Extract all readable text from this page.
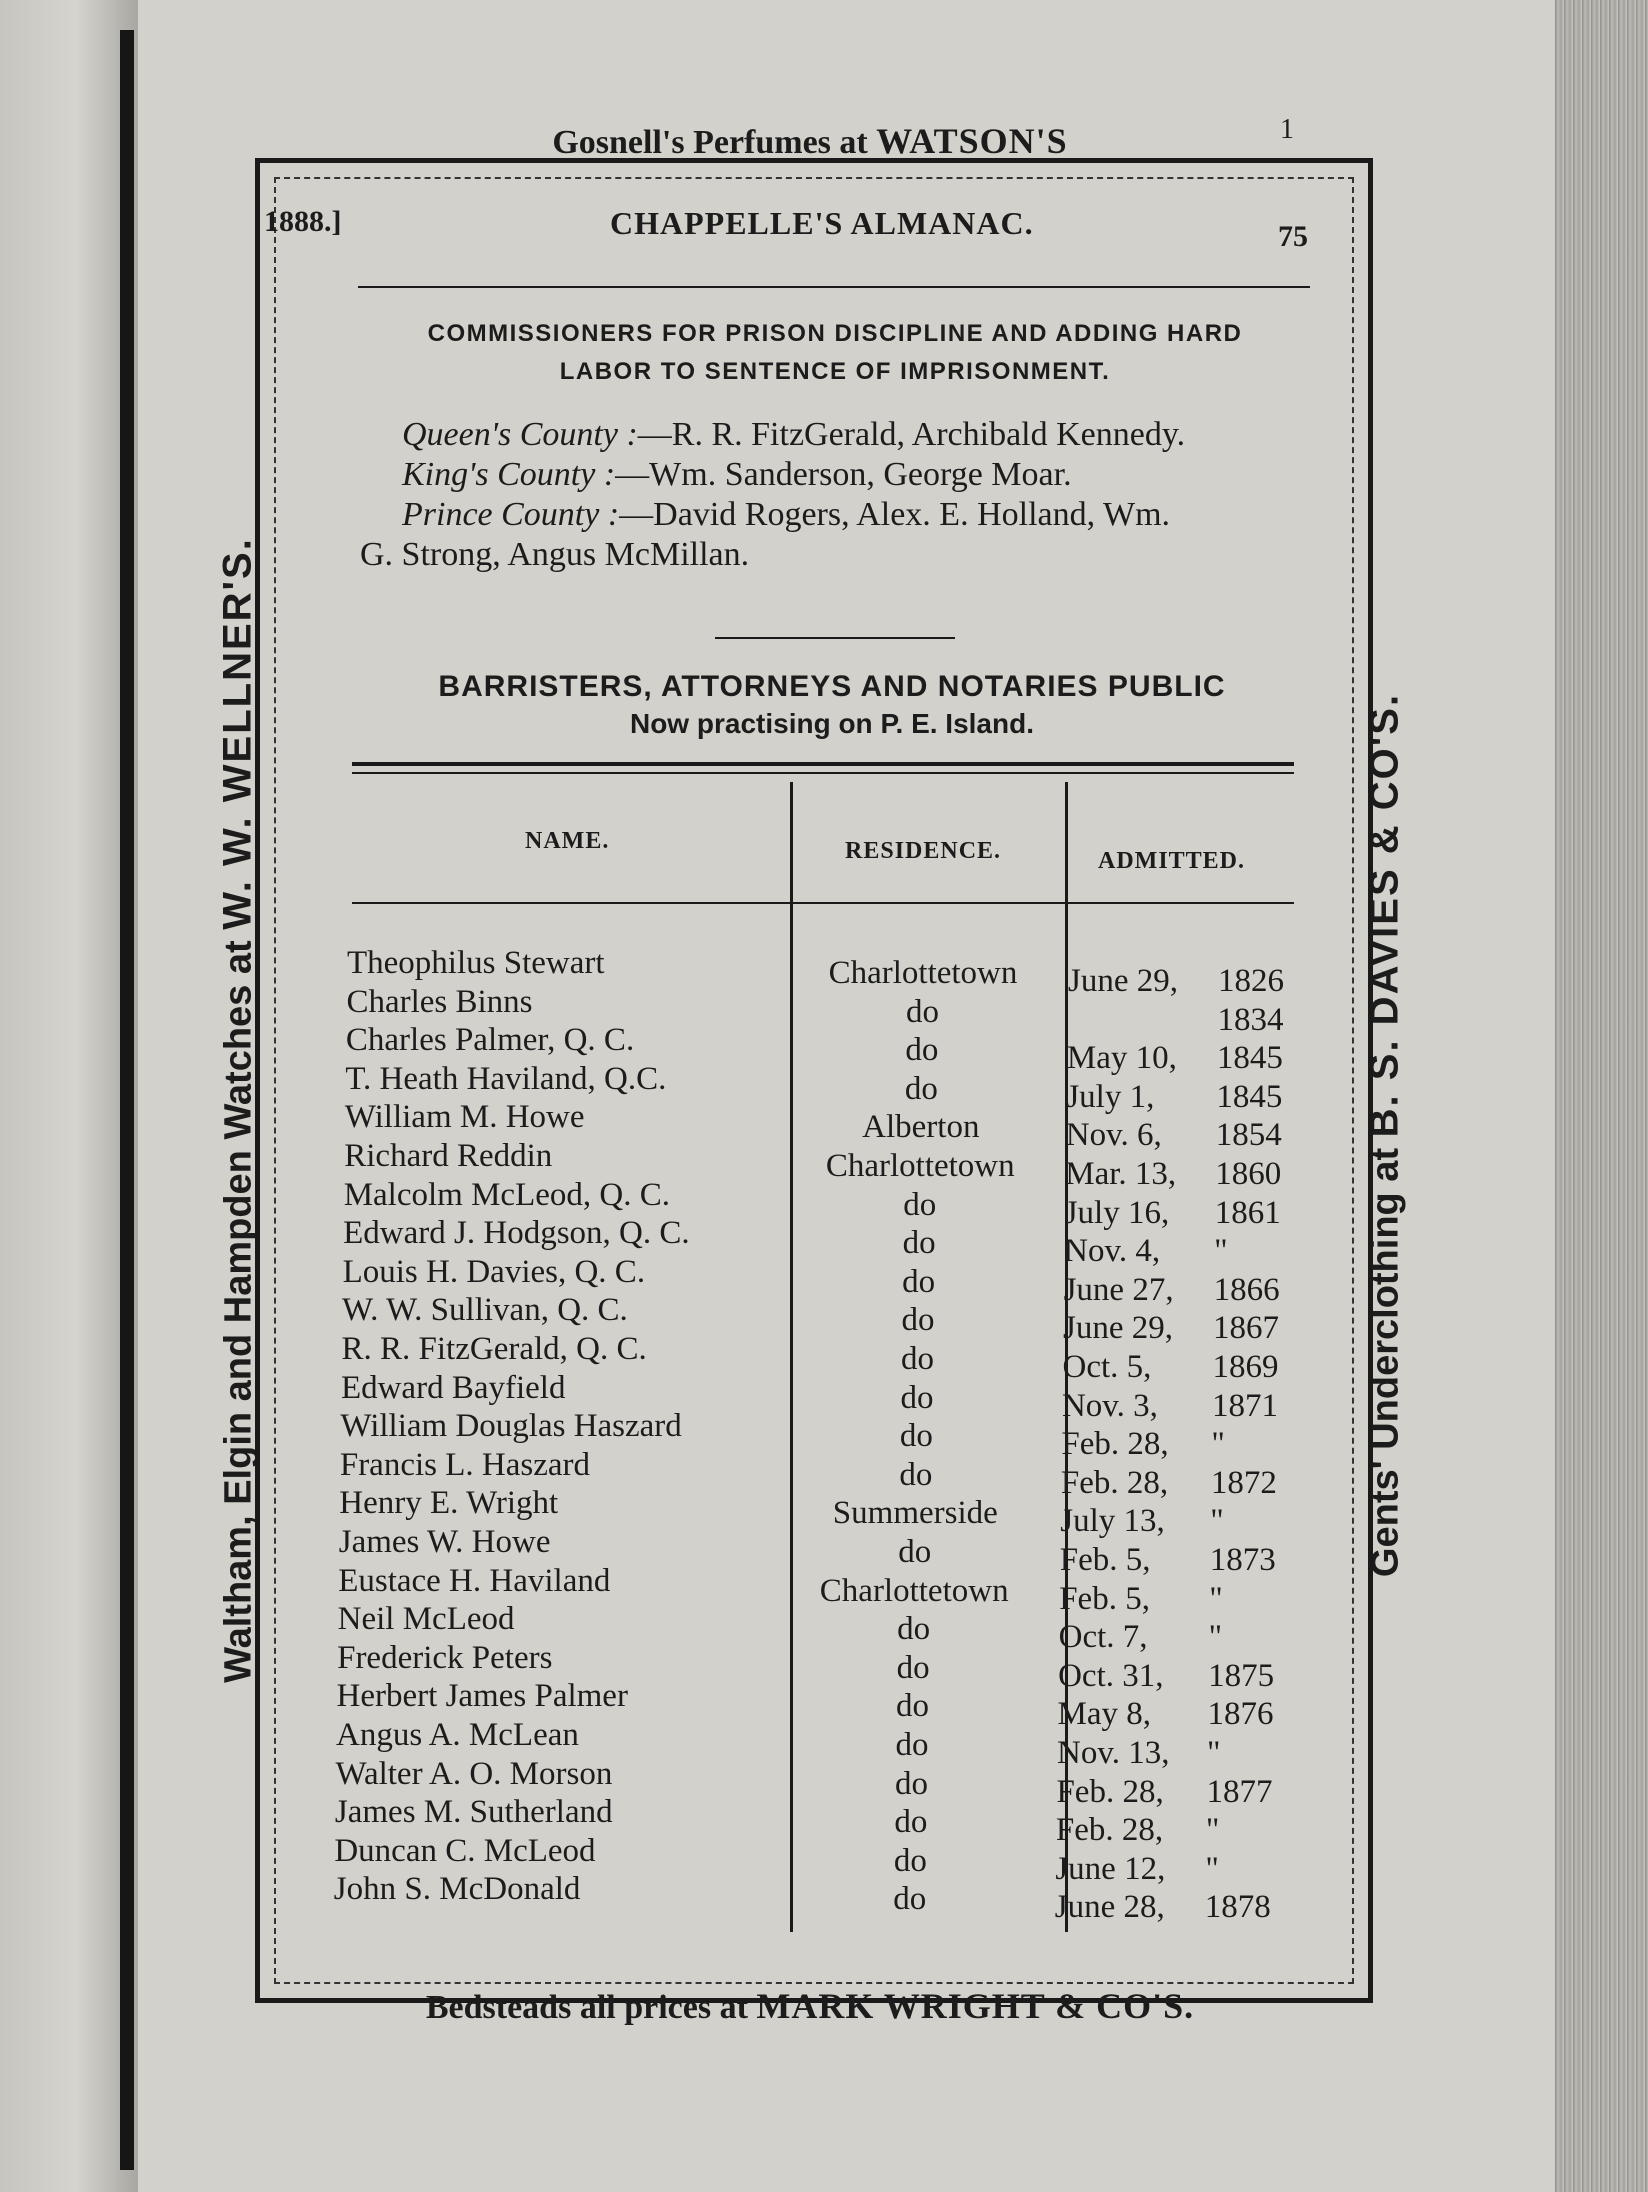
Gosnell's Perfumes at WATSON'S	1
Waltham, Elgin and Hampden Watches at W. W. WELLNER'S.
Gents' Underclothing at B. S. DAVIES & CO'S.
1888.]	CHAPPELLE'S ALMANAC.	75
COMMISSIONERS FOR PRISON DISCIPLINE AND ADDING HARD
LABOR TO SENTENCE OF IMPRISONMENT.
Queen's County :—R. R. FitzGerald, Archibald Kennedy.
King's County :—Wm. Sanderson, George Moar.
Prince County :—David Rogers, Alex. E. Holland, Wm.
G. Strong, Angus McMillan.
BARRISTERS, ATTORNEYS AND NOTARIES PUBLIC
Now practising on P. E. Island.
NAME.	RESIDENCE.	ADMITTED.
Theophilus Stewart	Charlottetown	June 29, 1826
Charles Binns	do	1834
Charles Palmer, Q. C.	do	May 10, 1845
T. Heath Haviland, Q.C.	do	July 1, 1845
William M. Howe	Alberton	Nov. 6, 1854
Richard Reddin	Charlottetown	Mar. 13, 1860
Malcolm McLeod, Q. C.	do	July 16, 1861
Edward J. Hodgson, Q. C.	do	Nov. 4, "
Louis H. Davies, Q. C.	do	June 27, 1866
W. W. Sullivan, Q. C.	do	June 29, 1867
R. R. FitzGerald, Q. C.	do	Oct. 5, 1869
Edward Bayfield	do	Nov. 3, 1871
William Douglas Haszard	do	Feb. 28, "
Francis L. Haszard	do	Feb. 28, 1872
Henry E. Wright	Summerside	July 13, "
James W. Howe	do	Feb. 5, 1873
Eustace H. Haviland	Charlottetown	Feb. 5, "
Neil McLeod	do	Oct. 7, "
Frederick Peters	do	Oct. 31, 1875
Herbert James Palmer	do	May 8, 1876
Angus A. McLean	do	Nov. 13, "
Walter A. O. Morson	do	Feb. 28, 1877
James M. Sutherland	do	Feb. 28, "
Duncan C. McLeod	do	June 12, "
John S. McDonald	do	June 28, 1878
Bedsteads all prices at MARK WRIGHT & CO'S.
